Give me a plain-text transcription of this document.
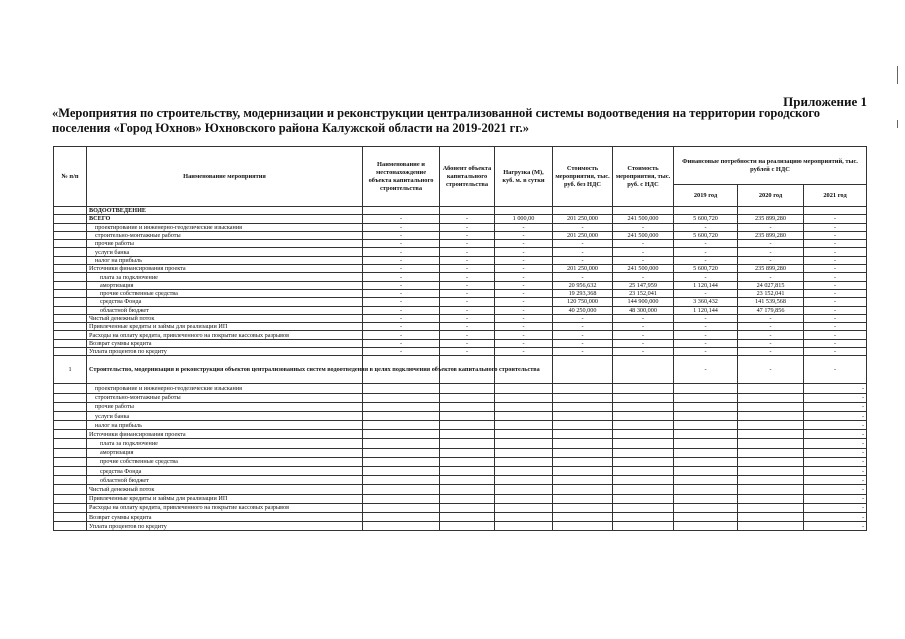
Приложение 1
«Мероприятия по строительству, модернизации и реконструкции централизованной системы водоотведения на территории городского
поселения «Город Юхнов» Юхновского района Калужской области на 2019-2021 гг.»
№ п/п	Наименование мероприятия	Наименование и местонахождение объекта капитального строительства	Абонент объекта капитального строительства	Нагрузка (М), куб. м. в сутки	Стоимость мероприятия, тыс. руб. без НДС	Стоимость мероприятия, тыс. руб. с НДС	Финансовые потребности на реализацию мероприятий, тыс. рублей с НДС		
							2019 год	2020 год	2021 год
	ВОДООТВЕДЕНИЕ								
	ВСЕГО	-	-	1 000,00	201 250,000	241 500,000	5 600,720	235 899,280	-
	проектирование и инженерно-геодезические изыскания	-	-	-	-	-	-	-	-
	строительно-монтажные работы	-	-	-	201 250,000	241 500,000	5 600,720	235 899,280	-
	прочие работы	-	-	-	-	-	-	-	-
	услуги банка	-	-	-	-	-	-	-	-
	налог на прибыль	-	-	-	-	-	-	-	-
	Источники финансирования проекта	-	-	-	201 250,000	241 500,000	5 600,720	235 899,280	-
	плата за подключение	-	-	-	-	-	-	-	-
	амортизация	-	-	-	20 956,632	25 147,959	1 120,144	24 027,815	-
	прочие собственные средства	-	-	-	19 293,368	23 152,041	-	23 152,041	-
	средства Фонда	-	-	-	120 750,000	144 900,000	3 360,432	141 539,568	-
	областной бюджет	-	-	-	40 250,000	48 300,000	1 120,144	47 179,856	-
	Чистый денежный поток	-	-	-	-	-	-	-	-
	Привлеченные кредиты и займы для реализации ИП	-	-	-	-	-	-	-	-
	Расходы на оплату кредита, привлеченного на покрытие кассовых разрывов	-	-	-	-	-	-	-	-
	Возврат суммы кредита	-	-	-	-	-	-	-	-
	Уплата процентов по кредиту	-	-	-	-	-	-	-	-
1	Строительство, модернизация и реконструкция объектов централизованных систем водоотведения в целях подключения объектов капитального строительства						-	-	-
	проектирование и инженерно-геодезические изыскания								-
	строительно-монтажные работы								-
	прочие работы								-
	услуги банка								-
	налог на прибыль								-
	Источники финансирования проекта								-
	плата за подключение								-
	амортизация								-
	прочие собственные средства								-
	средства Фонда								-
	областной бюджет								-
	Чистый денежный поток								-
	Привлеченные кредиты и займы для реализации ИП								-
	Расходы на оплату кредита, привлеченного на покрытие кассовых разрывов								-
	Возврат суммы кредита								-
	Уплата процентов по кредиту								-
